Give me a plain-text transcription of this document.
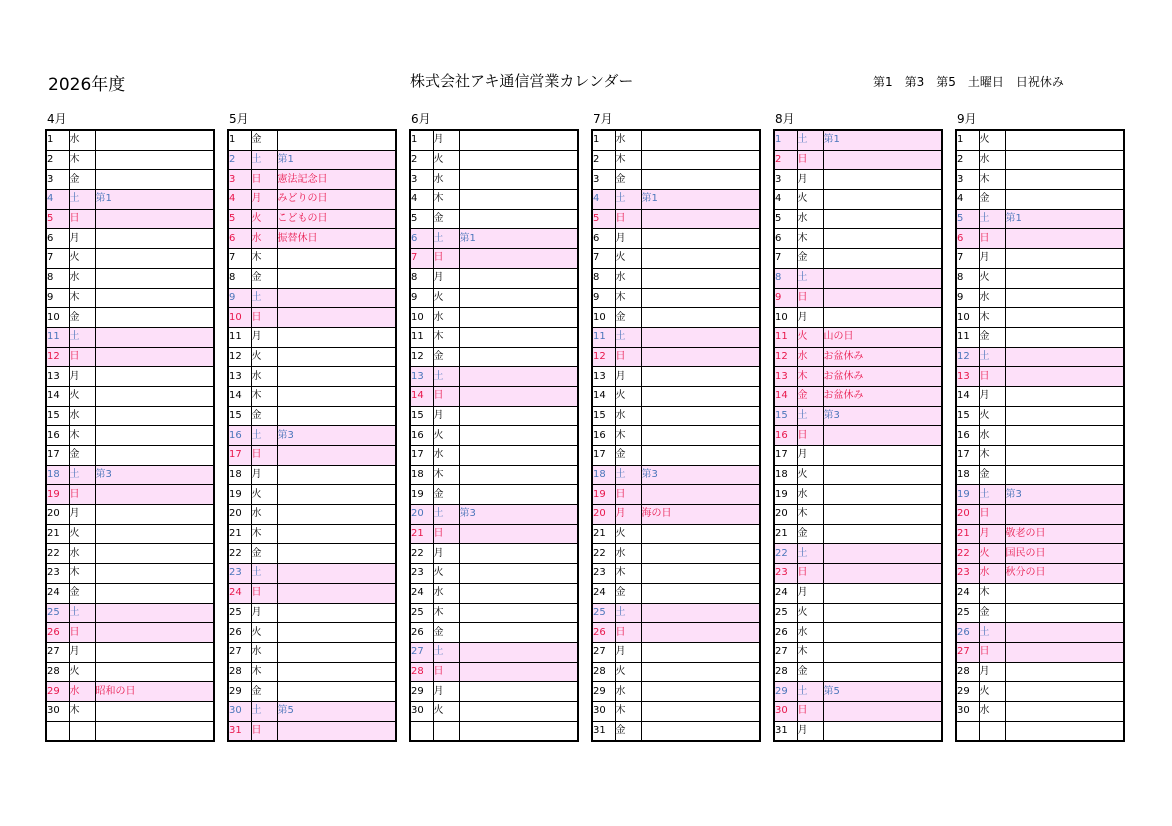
2026年度	株式会社アキ通信営業カレンダー	第1　第3　第5　土曜日　日祝休み
4月
1	水	
2	木	
3	金	
4	土	第1
5	日	
6	月	
7	火	
8	水	
9	木	
10	金	
11	土	
12	日	
13	月	
14	火	
15	水	
16	木	
17	金	
18	土	第3
19	日	
20	月	
21	火	
22	水	
23	木	
24	金	
25	土	
26	日	
27	月	
28	火	
29	水	昭和の日
30	木	

5月
1	金	
2	土	第1
3	日	憲法記念日
4	月	みどりの日
5	火	こどもの日
6	水	振替休日
7	木	
8	金	
9	土	
10	日	
11	月	
12	火	
13	水	
14	木	
15	金	
16	土	第3
17	日	
18	月	
19	火	
20	水	
21	木	
22	金	
23	土	
24	日	
25	月	
26	火	
27	水	
28	木	
29	金	
30	土	第5
31	日	
6月
1	月	
2	火	
3	水	
4	木	
5	金	
6	土	第1
7	日	
8	月	
9	火	
10	水	
11	木	
12	金	
13	土	
14	日	
15	月	
16	火	
17	水	
18	木	
19	金	
20	土	第3
21	日	
22	月	
23	火	
24	水	
25	木	
26	金	
27	土	
28	日	
29	月	
30	火	

7月
1	水	
2	木	
3	金	
4	土	第1
5	日	
6	月	
7	火	
8	水	
9	木	
10	金	
11	土	
12	日	
13	月	
14	火	
15	水	
16	木	
17	金	
18	土	第3
19	日	
20	月	海の日
21	火	
22	水	
23	木	
24	金	
25	土	
26	日	
27	月	
28	火	
29	水	
30	木	
31	金	
8月
1	土	第1
2	日	
3	月	
4	火	
5	水	
6	木	
7	金	
8	土	
9	日	
10	月	
11	火	山の日
12	水	お盆休み
13	木	お盆休み
14	金	お盆休み
15	土	第3
16	日	
17	月	
18	火	
19	水	
20	木	
21	金	
22	土	
23	日	
24	月	
25	火	
26	水	
27	木	
28	金	
29	土	第5
30	日	
31	月	
9月
1	火	
2	水	
3	木	
4	金	
5	土	第1
6	日	
7	月	
8	火	
9	水	
10	木	
11	金	
12	土	
13	日	
14	月	
15	火	
16	水	
17	木	
18	金	
19	土	第3
20	日	
21	月	敬老の日
22	火	国民の日
23	水	秋分の日
24	木	
25	金	
26	土	
27	日	
28	月	
29	火	
30	水	
